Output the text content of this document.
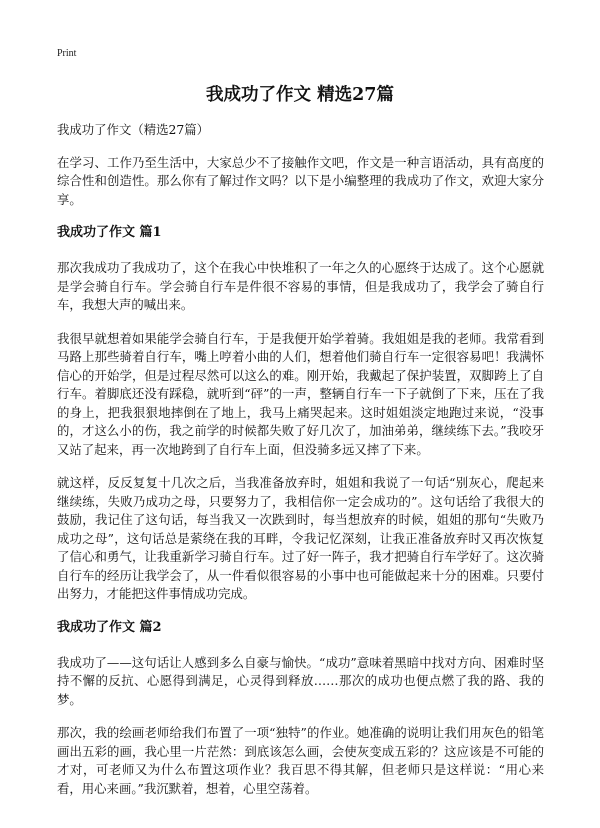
Print
我成功了作文 精选27篇

我成功了作文（精选27篇）

在学习、工作乃至生活中，大家总少不了接触作文吧，作文是一种言语活动，具有高度的综合性和创造性。那么你有了解过作文吗？以下是小编整理的我成功了作文，欢迎大家分享。

我成功了作文 篇1

那次我成功了我成功了，这个在我心中快堆积了一年之久的心愿终于达成了。这个心愿就是学会骑自行车。学会骑自行车是件很不容易的事情，但是我成功了，我学会了骑自行车，我想大声的喊出来。

我很早就想着如果能学会骑自行车，于是我便开始学着骑。我姐姐是我的老师。我常看到马路上那些骑着自行车，嘴上哼着小曲的人们，想着他们骑自行车一定很容易吧！我满怀信心的开始学，但是过程尽然可以这么的难。刚开始，我戴起了保护装置，双脚跨上了自行车。着脚底还没有踩稳，就听到“砰”的一声，整辆自行车一下子就倒了下来，压在了我的身上，把我狠狠地摔倒在了地上，我马上痛哭起来。这时姐姐淡定地跑过来说，“没事的，才这么小的伤，我之前学的时候都失败了好几次了，加油弟弟，继续练下去。”我咬牙又站了起来，再一次地跨到了自行车上面，但没骑多远又摔了下来。

就这样，反反复复十几次之后，当我准备放弃时，姐姐和我说了一句话“别灰心，爬起来继续练，失败乃成功之母，只要努力了，我相信你一定会成功的”。这句话给了我很大的鼓励，我记住了这句话，每当我又一次跌到时，每当想放弃的时候，姐姐的那句“失败乃成功之母”，这句话总是萦绕在我的耳畔，令我记忆深刻，让我正准备放弃时又再次恢复了信心和勇气，让我重新学习骑自行车。过了好一阵子，我才把骑自行车学好了。这次骑自行车的经历让我学会了，从一件看似很容易的小事中也可能做起来十分的困难。只要付出努力，才能把这件事情成功完成。

我成功了作文 篇2

我成功了——这句话让人感到多么自豪与愉快。“成功”意味着黑暗中找对方向、困难时坚持不懈的反抗、心愿得到满足，心灵得到释放……那次的成功也便点燃了我的路、我的梦。

那次，我的绘画老师给我们布置了一项“独特”的作业。她准确的说明让我们用灰色的铅笔画出五彩的画，我心里一片茫然：到底该怎么画，会使灰变成五彩的？这应该是不可能的才对，可老师又为什么布置这项作业？我百思不得其解，但老师只是这样说：“用心来看，用心来画。”我沉默着，想着，心里空荡着。
